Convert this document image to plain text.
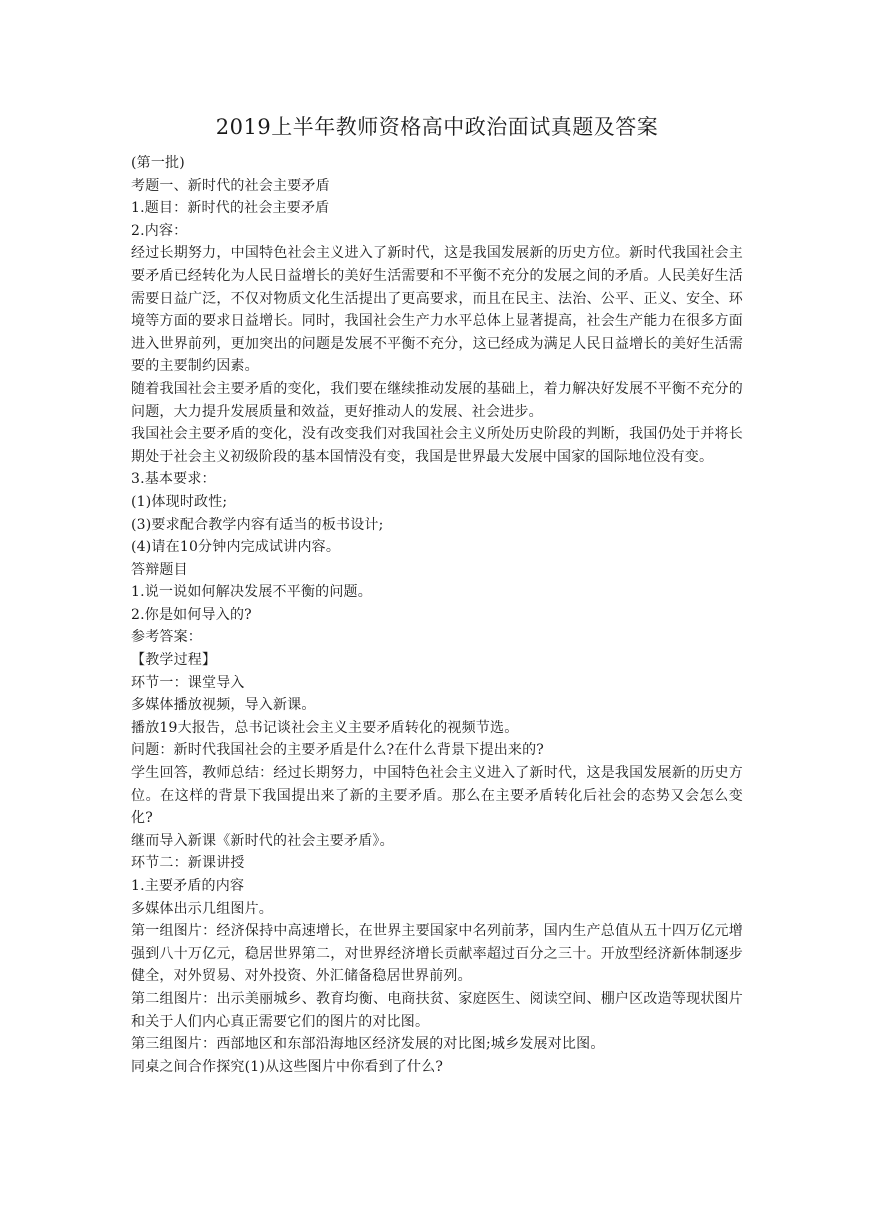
2019上半年教师资格高中政治面试真题及答案

(第一批)

考题一、新时代的社会主要矛盾

1.题目：新时代的社会主要矛盾

2.内容：

经过长期努力，中国特色社会主义进入了新时代，这是我国发展新的历史方位。新时代我国社会主要矛盾已经转化为人民日益增长的美好生活需要和不平衡不充分的发展之间的矛盾。人民美好生活需要日益广泛，不仅对物质文化生活提出了更高要求，而且在民主、法治、公平、正义、安全、环境等方面的要求日益增长。同时，我国社会生产力水平总体上显著提高，社会生产能力在很多方面进入世界前列，更加突出的问题是发展不平衡不充分，这已经成为满足人民日益增长的美好生活需要的主要制约因素。

随着我国社会主要矛盾的变化，我们要在继续推动发展的基础上，着力解决好发展不平衡不充分的问题，大力提升发展质量和效益，更好推动人的发展、社会进步。

我国社会主要矛盾的变化，没有改变我们对我国社会主义所处历史阶段的判断，我国仍处于并将长期处于社会主义初级阶段的基本国情没有变，我国是世界最大发展中国家的国际地位没有变。

3.基本要求：

(1)体现时政性;

(3)要求配合教学内容有适当的板书设计;

(4)请在10分钟内完成试讲内容。

答辩题目

1.说一说如何解决发展不平衡的问题。

2.你是如何导入的?

参考答案：

【教学过程】

环节一：课堂导入

多媒体播放视频，导入新课。

播放19大报告，总书记谈社会主义主要矛盾转化的视频节选。

问题：新时代我国社会的主要矛盾是什么?在什么背景下提出来的?

学生回答，教师总结：经过长期努力，中国特色社会主义进入了新时代，这是我国发展新的历史方位。在这样的背景下我国提出来了新的主要矛盾。那么在主要矛盾转化后社会的态势又会怎么变化?

继而导入新课《新时代的社会主要矛盾》。

环节二：新课讲授

1.主要矛盾的内容

多媒体出示几组图片。

第一组图片：经济保持中高速增长，在世界主要国家中名列前茅，国内生产总值从五十四万亿元增强到八十万亿元，稳居世界第二，对世界经济增长贡献率超过百分之三十。开放型经济新体制逐步健全，对外贸易、对外投资、外汇储备稳居世界前列。

第二组图片：出示美丽城乡、教育均衡、电商扶贫、家庭医生、阅读空间、棚户区改造等现状图片和关于人们内心真正需要它们的图片的对比图。

第三组图片：西部地区和东部沿海地区经济发展的对比图;城乡发展对比图。

同桌之间合作探究(1)从这些图片中你看到了什么?
